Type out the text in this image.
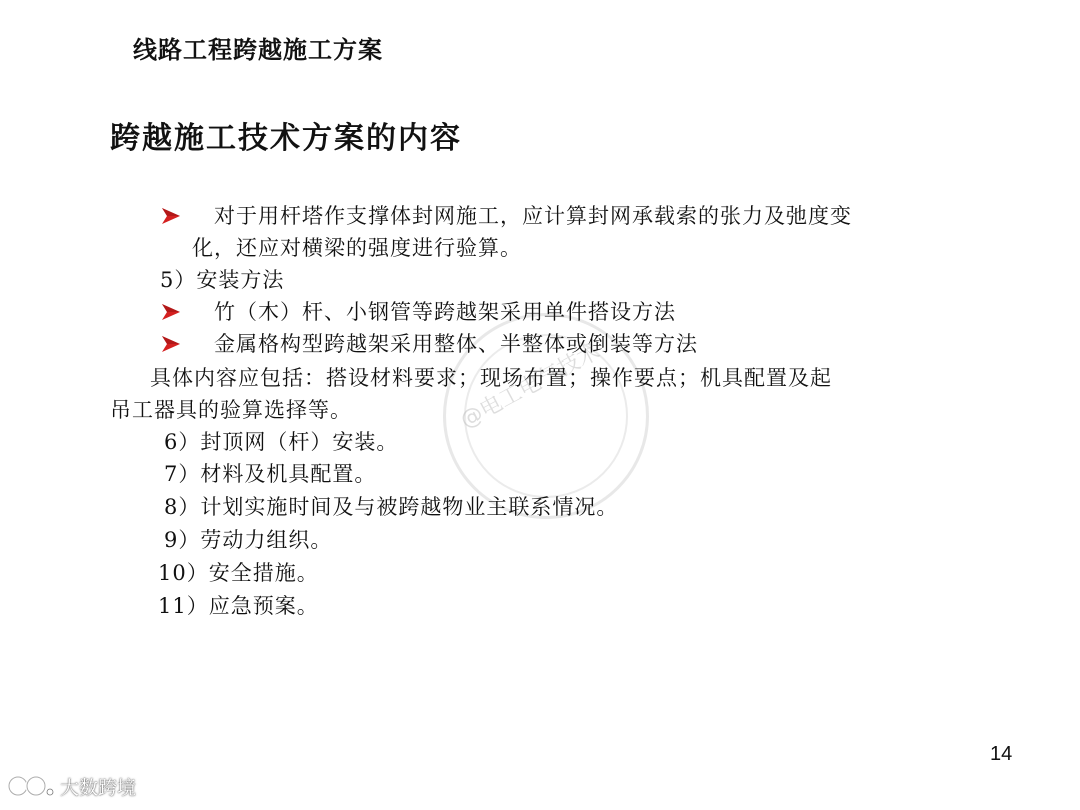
线路工程跨越施工方案
跨越施工技术方案的内容
@电工电气技术
对于用杆塔作支撑体封网施工，应计算封网承载索的张力及弛度变
化，还应对横梁的强度进行验算。
5）安装方法
竹（木）杆、小钢管等跨越架采用单件搭设方法
金属格构型跨越架采用整体、半整体或倒装等方法
具体内容应包括：搭设材料要求；现场布置；操作要点；机具配置及起
吊工器具的验算选择等。
6）封顶网（杆）安装。
7）材料及机具配置。
8）计划实施时间及与被跨越物业主联系情况。
9）劳动力组织。
10）安全措施。
11）应急预案。
14
大数跨境
